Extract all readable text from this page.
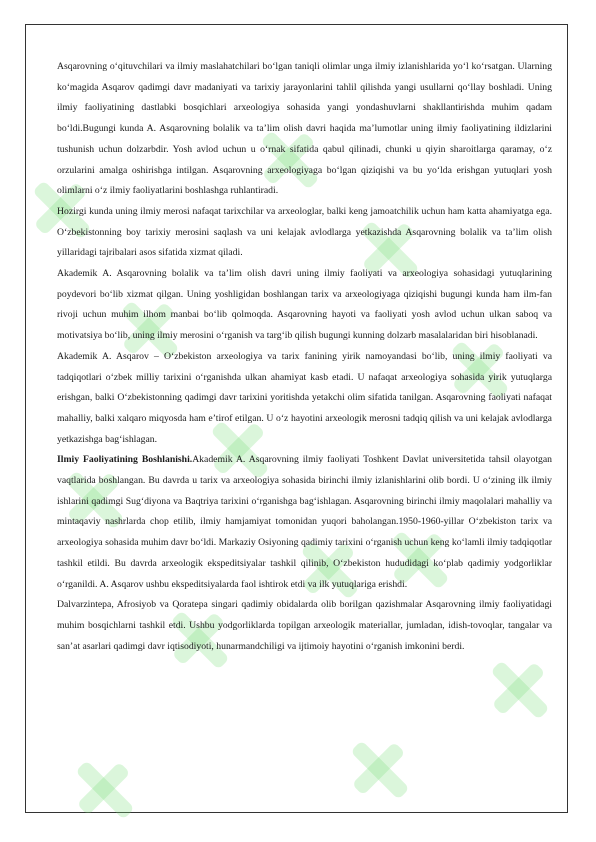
Asqarovning o‘qituvchilari va ilmiy maslahatchilari bo‘lgan taniqli olimlar unga ilmiy izlanishlarida yo‘l ko‘rsatgan. Ularning ko‘magida Asqarov qadimgi davr madaniyati va tarixiy jarayonlarini tahlil qilishda yangi usullarni qo‘llay boshladi. Uning ilmiy faoliyatining dastlabki bosqichlari arxeologiya sohasida yangi yondashuvlarni shakllantirishda muhim qadam bo‘ldi.Bugungi kunda A. Asqarovning bolalik va ta’lim olish davri haqida ma’lumotlar uning ilmiy faoliyatining ildizlarini tushunish uchun dolzarbdir. Yosh avlod uchun u o‘rnak sifatida qabul qilinadi, chunki u qiyin sharoitlarga qaramay, o‘z orzularini amalga oshirishga intilgan. Asqarovning arxeologiyaga bo‘lgan qiziqishi va bu yo‘lda erishgan yutuqlari yosh olimlarni o‘z ilmiy faoliyatlarini boshlashga ruhlantiradi.

Hozirgi kunda uning ilmiy merosi nafaqat tarixchilar va arxeologlar, balki keng jamoatchilik uchun ham katta ahamiyatga ega. O‘zbekistonning boy tarixiy merosini saqlash va uni kelajak avlodlarga yetkazishda Asqarovning bolalik va ta’lim olish yillaridagi tajribalari asos sifatida xizmat qiladi.

Akademik A. Asqarovning bolalik va ta’lim olish davri uning ilmiy faoliyati va arxeologiya sohasidagi yutuqlarining poydevori bo‘lib xizmat qilgan. Uning yoshligidan boshlangan tarix va arxeologiyaga qiziqishi bugungi kunda ham ilm-fan rivoji uchun muhim ilhom manbai bo‘lib qolmoqda. Asqarovning hayoti va faoliyati yosh avlod uchun ulkan saboq va motivatsiya bo‘lib, uning ilmiy merosini o‘rganish va targ‘ib qilish bugungi kunning dolzarb masalalaridan biri hisoblanadi.

Akademik A. Asqarov – O‘zbekiston arxeologiya va tarix fanining yirik namoyandasi bo‘lib, uning ilmiy faoliyati va tadqiqotlari o‘zbek milliy tarixini o‘rganishda ulkan ahamiyat kasb etadi. U nafaqat arxeologiya sohasida yirik yutuqlarga erishgan, balki O‘zbekistonning qadimgi davr tarixini yoritishda yetakchi olim sifatida tanilgan. Asqarovning faoliyati nafaqat mahalliy, balki xalqaro miqyosda ham e’tirof etilgan. U o‘z hayotini arxeologik merosni tadqiq qilish va uni kelajak avlodlarga yetkazishga bag‘ishlagan.

Ilmiy Faoliyatining Boshlanishi.Akademik A. Asqarovning ilmiy faoliyati Toshkent Davlat universitetida tahsil olayotgan vaqtlarida boshlangan. Bu davrda u tarix va arxeologiya sohasida birinchi ilmiy izlanishlarini olib bordi. U o‘zining ilk ilmiy ishlarini qadimgi Sug‘diyona va Baqtriya tarixini o‘rganishga bag‘ishlagan. Asqarovning birinchi ilmiy maqolalari mahalliy va mintaqaviy nashrlarda chop etilib, ilmiy hamjamiyat tomonidan yuqori baholangan.1950-1960-yillar O‘zbekiston tarix va arxeologiya sohasida muhim davr bo‘ldi. Markaziy Osiyoning qadimiy tarixini o‘rganish uchun keng ko‘lamli ilmiy tadqiqotlar tashkil etildi. Bu davrda arxeologik ekspeditsiyalar tashkil qilinib, O‘zbekiston hududidagi ko‘plab qadimiy yodgorliklar o‘rganildi. A. Asqarov ushbu ekspeditsiyalarda faol ishtirok etdi va ilk yutuqlariga erishdi.

Dalvarzintepa, Afrosiyob va Qoratepa singari qadimiy obidalarda olib borilgan qazishmalar Asqarovning ilmiy faoliyatidagi muhim bosqichlarni tashkil etdi. Ushbu yodgorliklarda topilgan arxeologik materiallar, jumladan, idish-tovoqlar, tangalar va san’at asarlari qadimgi davr iqtisodiyoti, hunarmandchiligi va ijtimoiy hayotini o‘rganish imkonini berdi.
